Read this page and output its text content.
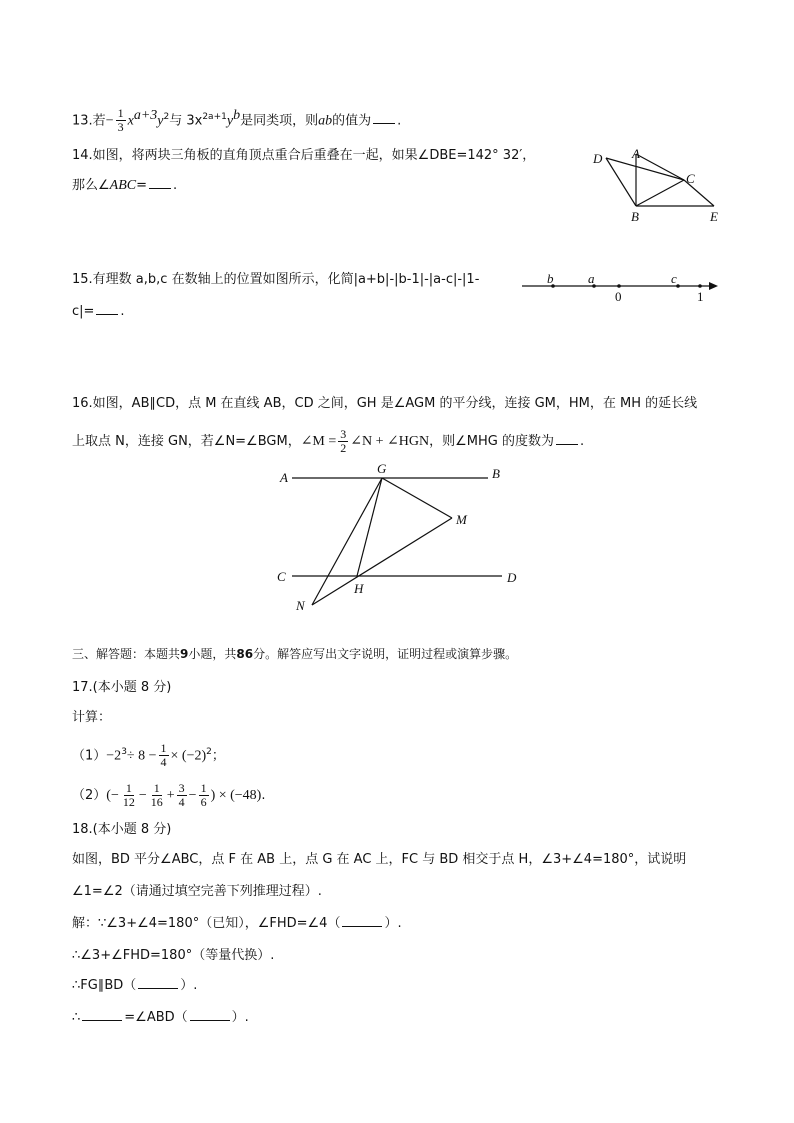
13.若− $\frac{1}{3} x^{a+3}y^2$与 $3x^{2a+1}y^b$是同类项，则ab的值为 .
14.如图，将两块三角板的直角顶点重合后重叠在一起，如果∠DBE=142° 32′，
那么∠ABC= .
D A
C
B	E
15.有理数 a,b,c 在数轴上的位置如图所示，化简|a+b|-|b-1|-|a-c|-|1-
c|= .
b	a
0
c
1
16.如图，AB∥CD，点 M 在直线 AB，CD 之间，GH 是∠AGM 的平分线，连接 GM，HM，在 MH 的延长线
上取点 N，连接 GN，若∠N=∠BGM，∠M = $\frac{3}{2}$ ∠N + ∠HGN，则∠MHG 的度数为 .
A
G	B
M
C
H
D
N
三、解答题：本题共9小题，共86分。解答应写出文字说明，证明过程或演算步骤。
17.(本小题 8 分)
计算：
$(1)-2^3\div 8 - \frac{1}{4} \times (-2)^2$；
$(2)(- \frac{1}{12} - \frac{1}{16} + \frac{3}{4} - \frac{1}{6}$ ) × (−48).
18.(本小题 8 分)
如图，BD 平分∠ABC，点 F 在 AB 上，点 G 在 AC 上，FC 与 BD 相交于点 H，∠3+∠4=180°，试说明
∠1=∠2（请通过填空完善下列推理过程）.
解：∵∠3+∠4=180°（已知），∠FHD=∠4（	）.
∴∠3+∠FHD=180°（等量代换）.
∴FG∥BD（	）.
∴	=∠ABD（	）.
